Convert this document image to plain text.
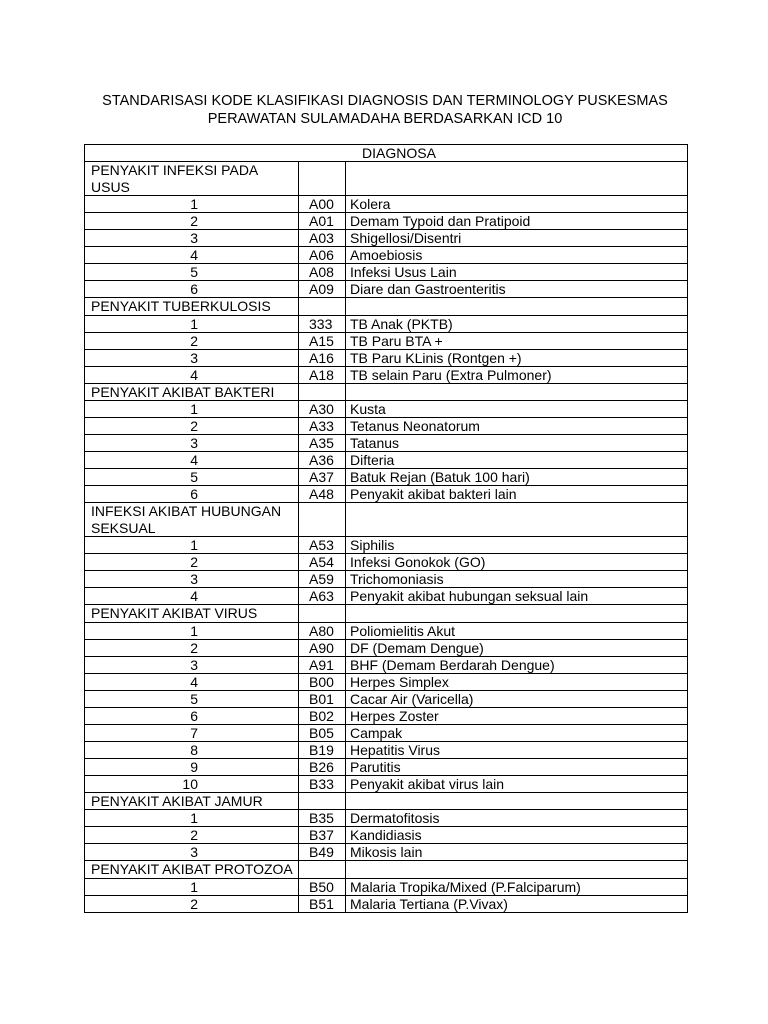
STANDARISASI KODE KLASIFIKASI DIAGNOSIS DAN TERMINOLOGY PUSKESMAS
PERAWATAN SULAMADAHA BERDASARKAN ICD 10
DIAGNOSA		
PENYAKIT INFEKSI PADA USUS		
1	A00	Kolera
2	A01	Demam Typoid dan Pratipoid
3	A03	Shigellosi/Disentri
4	A06	Amoebiosis
5	A08	Infeksi Usus Lain
6	A09	Diare dan Gastroenteritis
PENYAKIT TUBERKULOSIS		
1	333	TB Anak (PKTB)
2	A15	TB Paru BTA +
3	A16	TB Paru KLinis (Rontgen +)
4	A18	TB selain Paru (Extra Pulmoner)
PENYAKIT AKIBAT BAKTERI		
1	A30	Kusta
2	A33	Tetanus Neonatorum
3	A35	Tatanus
4	A36	Difteria
5	A37	Batuk Rejan (Batuk 100 hari)
6	A48	Penyakit akibat bakteri lain
INFEKSI AKIBAT HUBUNGAN SEKSUAL		
1	A53	Siphilis
2	A54	Infeksi Gonokok (GO)
3	A59	Trichomoniasis
4	A63	Penyakit akibat hubungan seksual lain
PENYAKIT AKIBAT VIRUS		
1	A80	Poliomielitis Akut
2	A90	DF (Demam Dengue)
3	A91	BHF (Demam Berdarah Dengue)
4	B00	Herpes Simplex
5	B01	Cacar Air (Varicella)
6	B02	Herpes Zoster
7	B05	Campak
8	B19	Hepatitis Virus
9	B26	Parutitis
10	B33	Penyakit akibat virus lain
PENYAKIT AKIBAT JAMUR		
1	B35	Dermatofitosis
2	B37	Kandidiasis
3	B49	Mikosis lain
PENYAKIT AKIBAT PROTOZOA		
1	B50	Malaria Tropika/Mixed (P.Falciparum)
2	B51	Malaria Tertiana (P.Vivax)
